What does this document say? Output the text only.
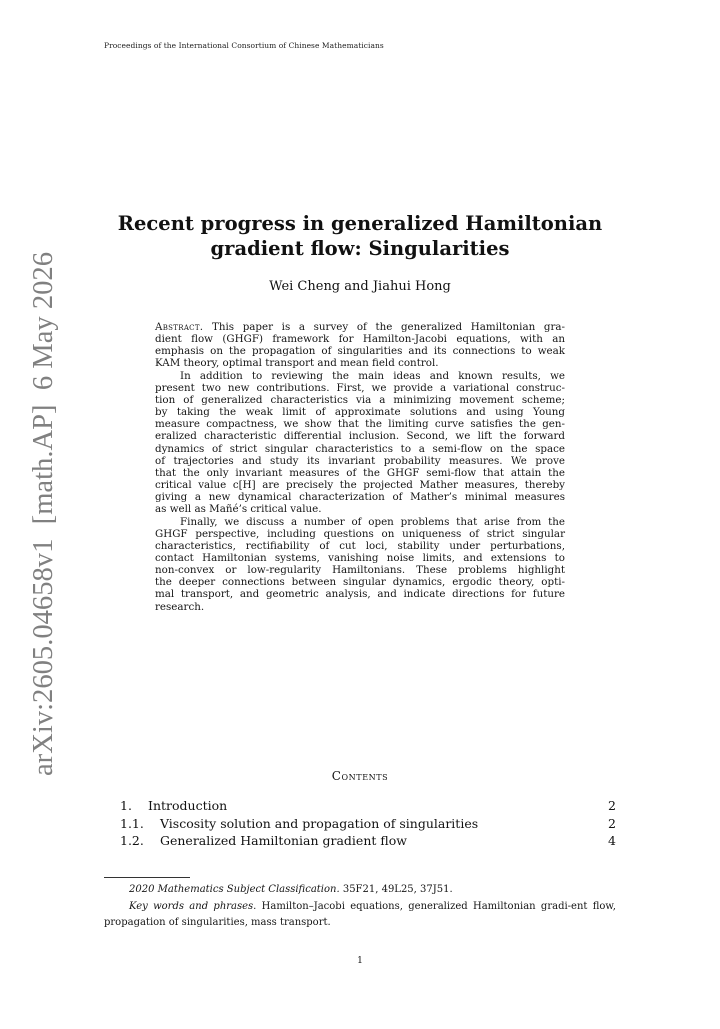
Proceedings of the International Consortium of Chinese Mathematicians
arXiv:2605.04658v1  [math.AP]  6 May 2026
Recent progress in generalized Hamiltonian
gradient flow: Singularities
Wei Cheng and Jiahui Hong

Abstract. This paper is a survey of the generalized Hamiltonian gra-
dient flow (GHGF) framework for Hamilton-Jacobi equations, with an
emphasis on the propagation of singularities and its connections to weak
KAM theory, optimal transport and mean field control.

In addition to reviewing the main ideas and known results, we
present two new contributions. First, we provide a variational construc-
tion of generalized characteristics via a minimizing movement scheme;
by taking the weak limit of approximate solutions and using Young
measure compactness, we show that the limiting curve satisfies the gen-
eralized characteristic differential inclusion. Second, we lift the forward
dynamics of strict singular characteristics to a semi-flow on the space
of trajectories and study its invariant probability measures. We prove
that the only invariant measures of the GHGF semi-flow that attain the
critical value c[H] are precisely the projected Mather measures, thereby
giving a new dynamical characterization of Mather’s minimal measures
as well as Mañé’s critical value.

Finally, we discuss a number of open problems that arise from the
GHGF perspective, including questions on uniqueness of strict singular
characteristics, rectifiability of cut loci, stability under perturbations,
contact Hamiltonian systems, vanishing noise limits, and extensions to
non-convex or low-regularity Hamiltonians. These problems highlight
the deeper connections between singular dynamics, ergodic theory, opti-
mal transport, and geometric analysis, and indicate directions for future
research.

Contents
1. Introduction	2
1.1. Viscosity solution and propagation of singularities	2
1.2. Generalized Hamiltonian gradient flow	4
2020 Mathematics Subject Classification. 35F21, 49L25, 37J51.
Key words and phrases. Hamilton–Jacobi equations, generalized Hamiltonian gradi-ent flow, propagation of singularities, mass transport.
1
